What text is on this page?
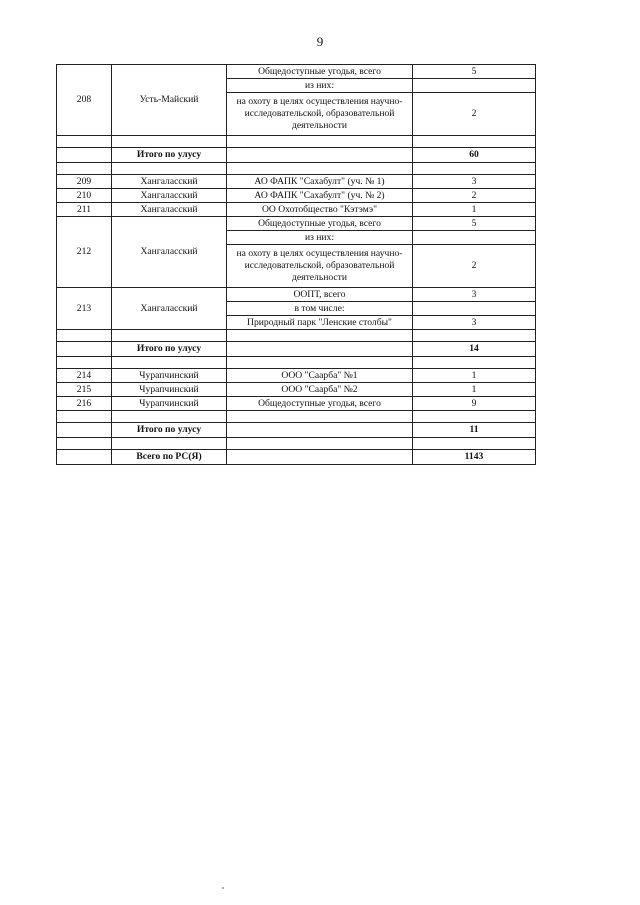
9
208	Усть-Майский	Общедоступные угодья, всего	5
		из них:	
		на охоту в целях осуществления научно-исследовательской, образовательной деятельности	2

	Итого по улусу		60

209	Хангаласский	АО ФАПК "Сахабулт" (уч. № 1)	3
210	Хангаласский	АО ФАПК "Сахабулт" (уч. № 2)	2
211	Хангаласский	ОО Охотобщество "Кэтэмэ"	1
212	Хангаласский	Общедоступные угодья, всего	5
		из них:	
		на охоту в целях осуществления научно-исследовательской, образовательной деятельности	2
213	Хангаласский	ООПТ, всего	3
		в том числе:	
		Природный парк "Ленские столбы"	3

	Итого по улусу		14

214	Чурапчинский	ООО "Саарба" №1	1
215	Чурапчинский	ООО "Саарба" №2	1
216	Чурапчинский	Общедоступные угодья, всего	9

	Итого по улусу		11

	Всего по РС(Я)		1143
